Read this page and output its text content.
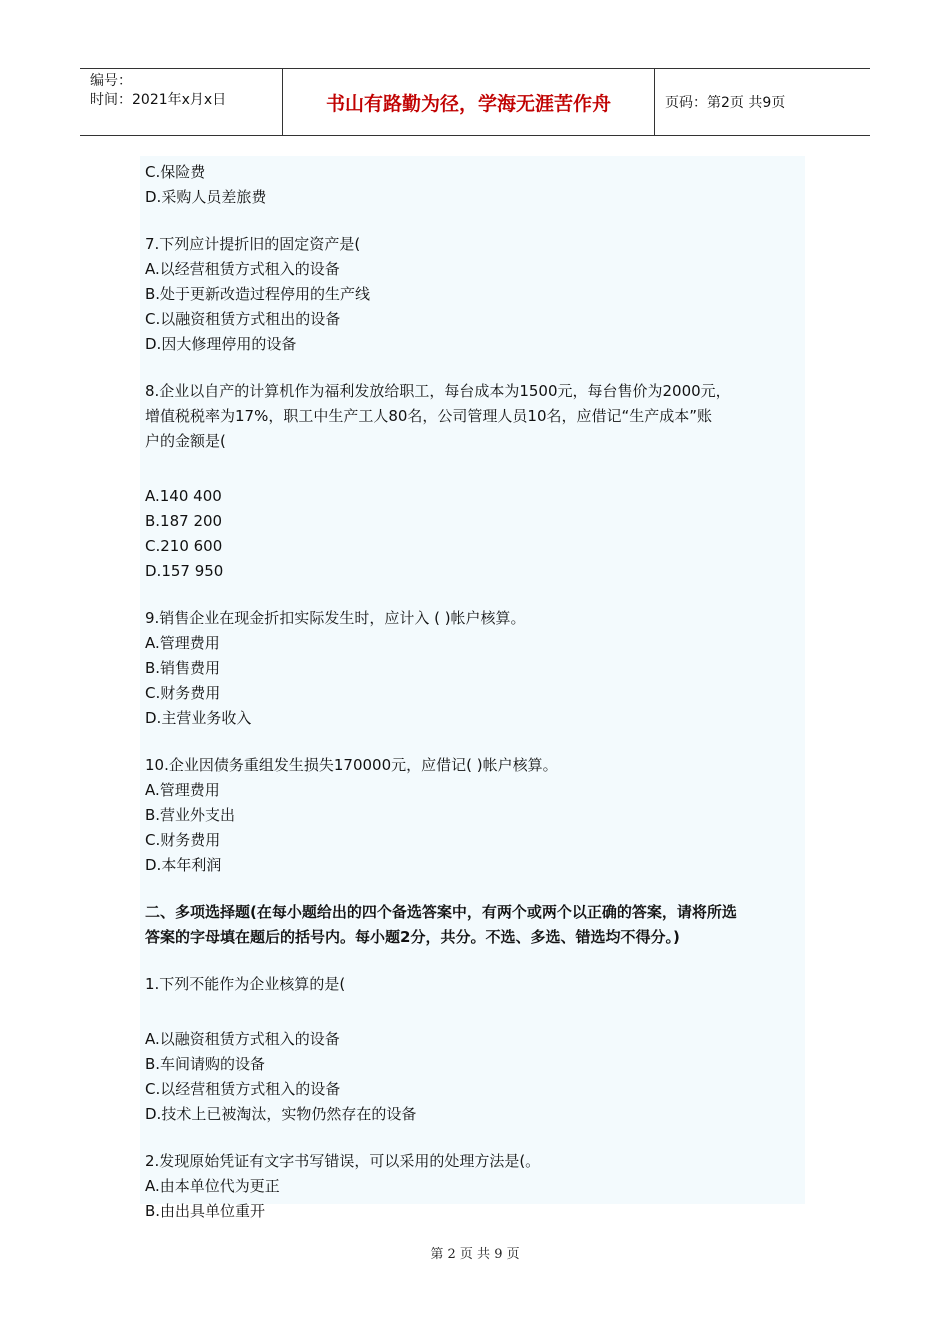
编号：
时间：2021年x月x日	书山有路勤为径，学海无涯苦作舟	页码：第2页 共9页
C.保险费
D.采购人员差旅费
7.下列应计提折旧的固定资产是(
A.以经营租赁方式租入的设备
B.处于更新改造过程停用的生产线
C.以融资租赁方式租出的设备
D.因大修理停用的设备
8.企业以自产的计算机作为福利发放给职工，每台成本为1500元，每台售价为2000元，
增值税税率为17%，职工中生产工人80名，公司管理人员10名，应借记“生产成本”账
户的金额是(
A.140 400
B.187 200
C.210 600
D.157 950
9.销售企业在现金折扣实际发生时，应计入 ( )帐户核算。
A.管理费用
B.销售费用
C.财务费用
D.主营业务收入
10.企业因债务重组发生损失170000元，应借记( )帐户核算。
A.管理费用
B.营业外支出
C.财务费用
D.本年利润
二、多项选择题(在每小题给出的四个备选答案中，有两个或两个以正确的答案，请将所选
答案的字母填在题后的括号内。每小题2分，共分。不选、多选、错选均不得分。)
1.下列不能作为企业核算的是(
A.以融资租赁方式租入的设备
B.车间请购的设备
C.以经营租赁方式租入的设备
D.技术上已被淘汰，实物仍然存在的设备
2.发现原始凭证有文字书写错误，可以采用的处理方法是(。
A.由本单位代为更正
B.由出具单位重开
第 2 页 共 9 页
